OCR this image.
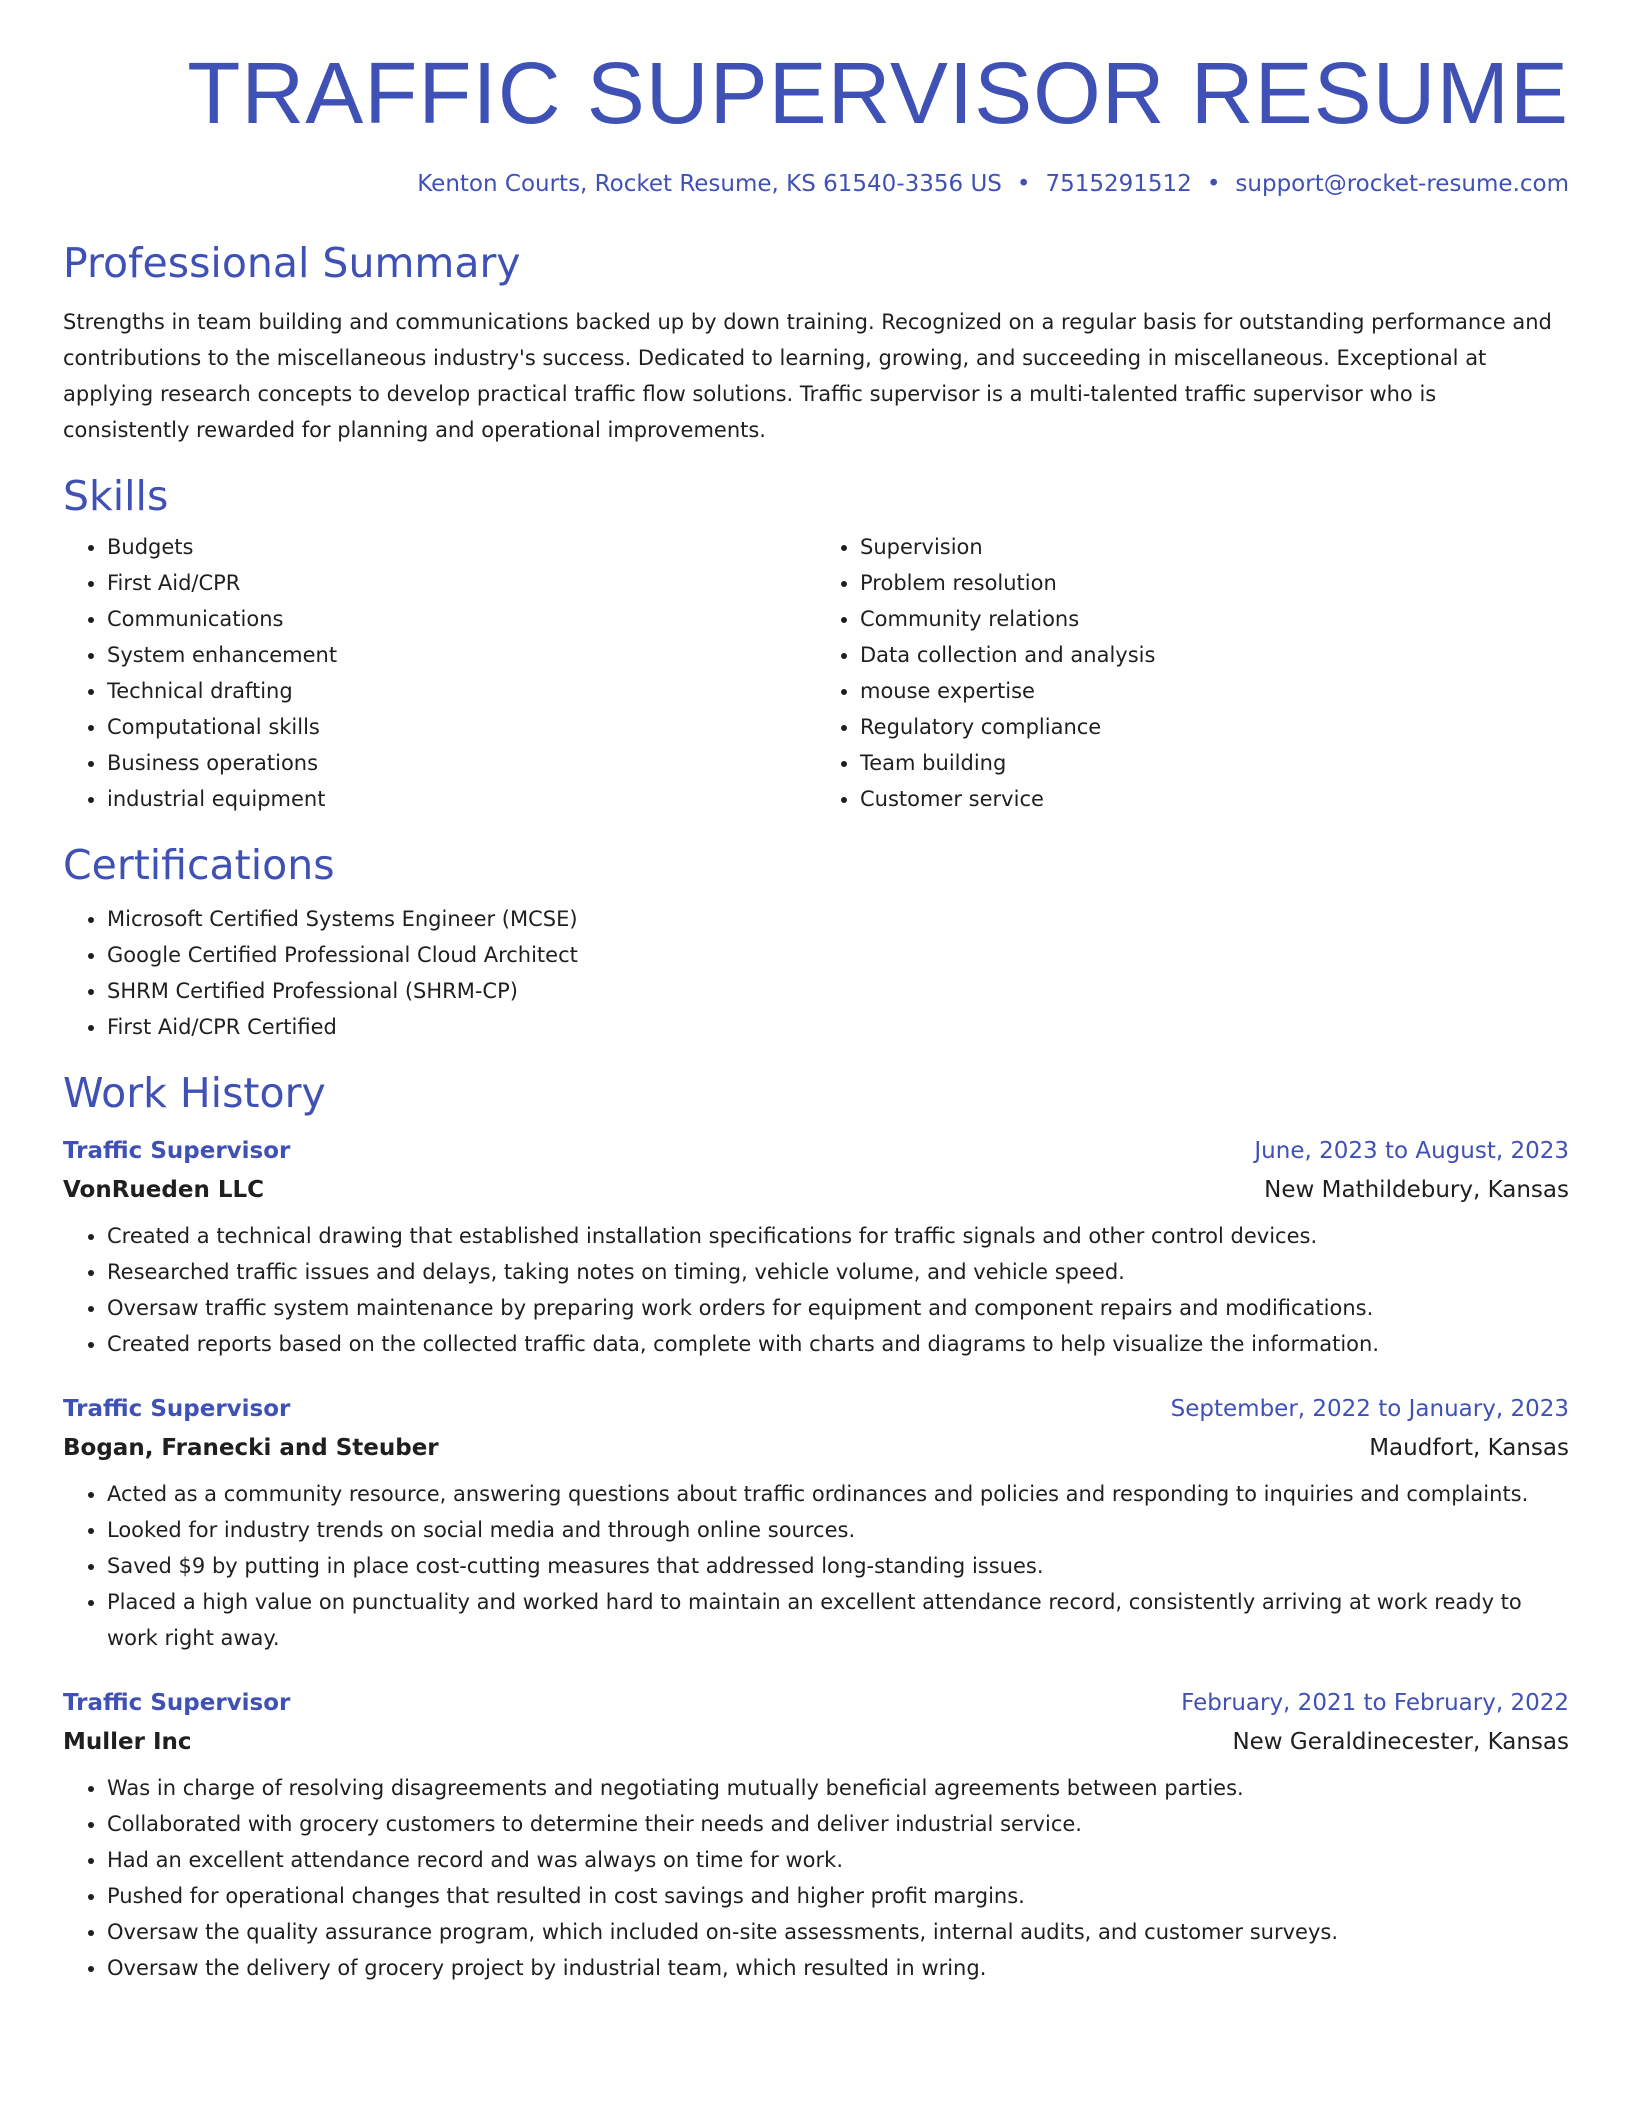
TRAFFIC SUPERVISOR RESUME
Kenton Courts, Rocket Resume, KS 61540-3356 US • 7515291512 • support@rocket-resume.com
Professional Summary

Strengths in team building and communications backed up by down training. Recognized on a regular basis for outstanding performance and contributions to the miscellaneous industry's success. Dedicated to learning, growing, and succeeding in miscellaneous. Exceptional at applying research concepts to develop practical traffic flow solutions. Traffic supervisor is a multi-talented traffic supervisor who is consistently rewarded for planning and operational improvements.

Skills
• Budgets
• First Aid/CPR
• Communications
• System enhancement
• Technical drafting
• Computational skills
• Business operations
• industrial equipment
• Supervision
• Problem resolution
• Community relations
• Data collection and analysis
• mouse expertise
• Regulatory compliance
• Team building
• Customer service
Certifications
• Microsoft Certified Systems Engineer (MCSE)
• Google Certified Professional Cloud Architect
• SHRM Certified Professional (SHRM-CP)
• First Aid/CPR Certified
Work History
Traffic Supervisor	June, 2023 to August, 2023
VonRueden LLC	New Mathildebury, Kansas
• Created a technical drawing that established installation specifications for traffic signals and other control devices.
• Researched traffic issues and delays, taking notes on timing, vehicle volume, and vehicle speed.
• Oversaw traffic system maintenance by preparing work orders for equipment and component repairs and modifications.
• Created reports based on the collected traffic data, complete with charts and diagrams to help visualize the information.
Traffic Supervisor	September, 2022 to January, 2023
Bogan, Franecki and Steuber	Maudfort, Kansas
• Acted as a community resource, answering questions about traffic ordinances and policies and responding to inquiries and complaints.
• Looked for industry trends on social media and through online sources.
• Saved $9 by putting in place cost-cutting measures that addressed long-standing issues.
• Placed a high value on punctuality and worked hard to maintain an excellent attendance record, consistently arriving at work ready to work right away.
Traffic Supervisor	February, 2021 to February, 2022
Muller Inc	New Geraldinecester, Kansas
• Was in charge of resolving disagreements and negotiating mutually beneficial agreements between parties.
• Collaborated with grocery customers to determine their needs and deliver industrial service.
• Had an excellent attendance record and was always on time for work.
• Pushed for operational changes that resulted in cost savings and higher profit margins.
• Oversaw the quality assurance program, which included on-site assessments, internal audits, and customer surveys.
• Oversaw the delivery of grocery project by industrial team, which resulted in wring.
